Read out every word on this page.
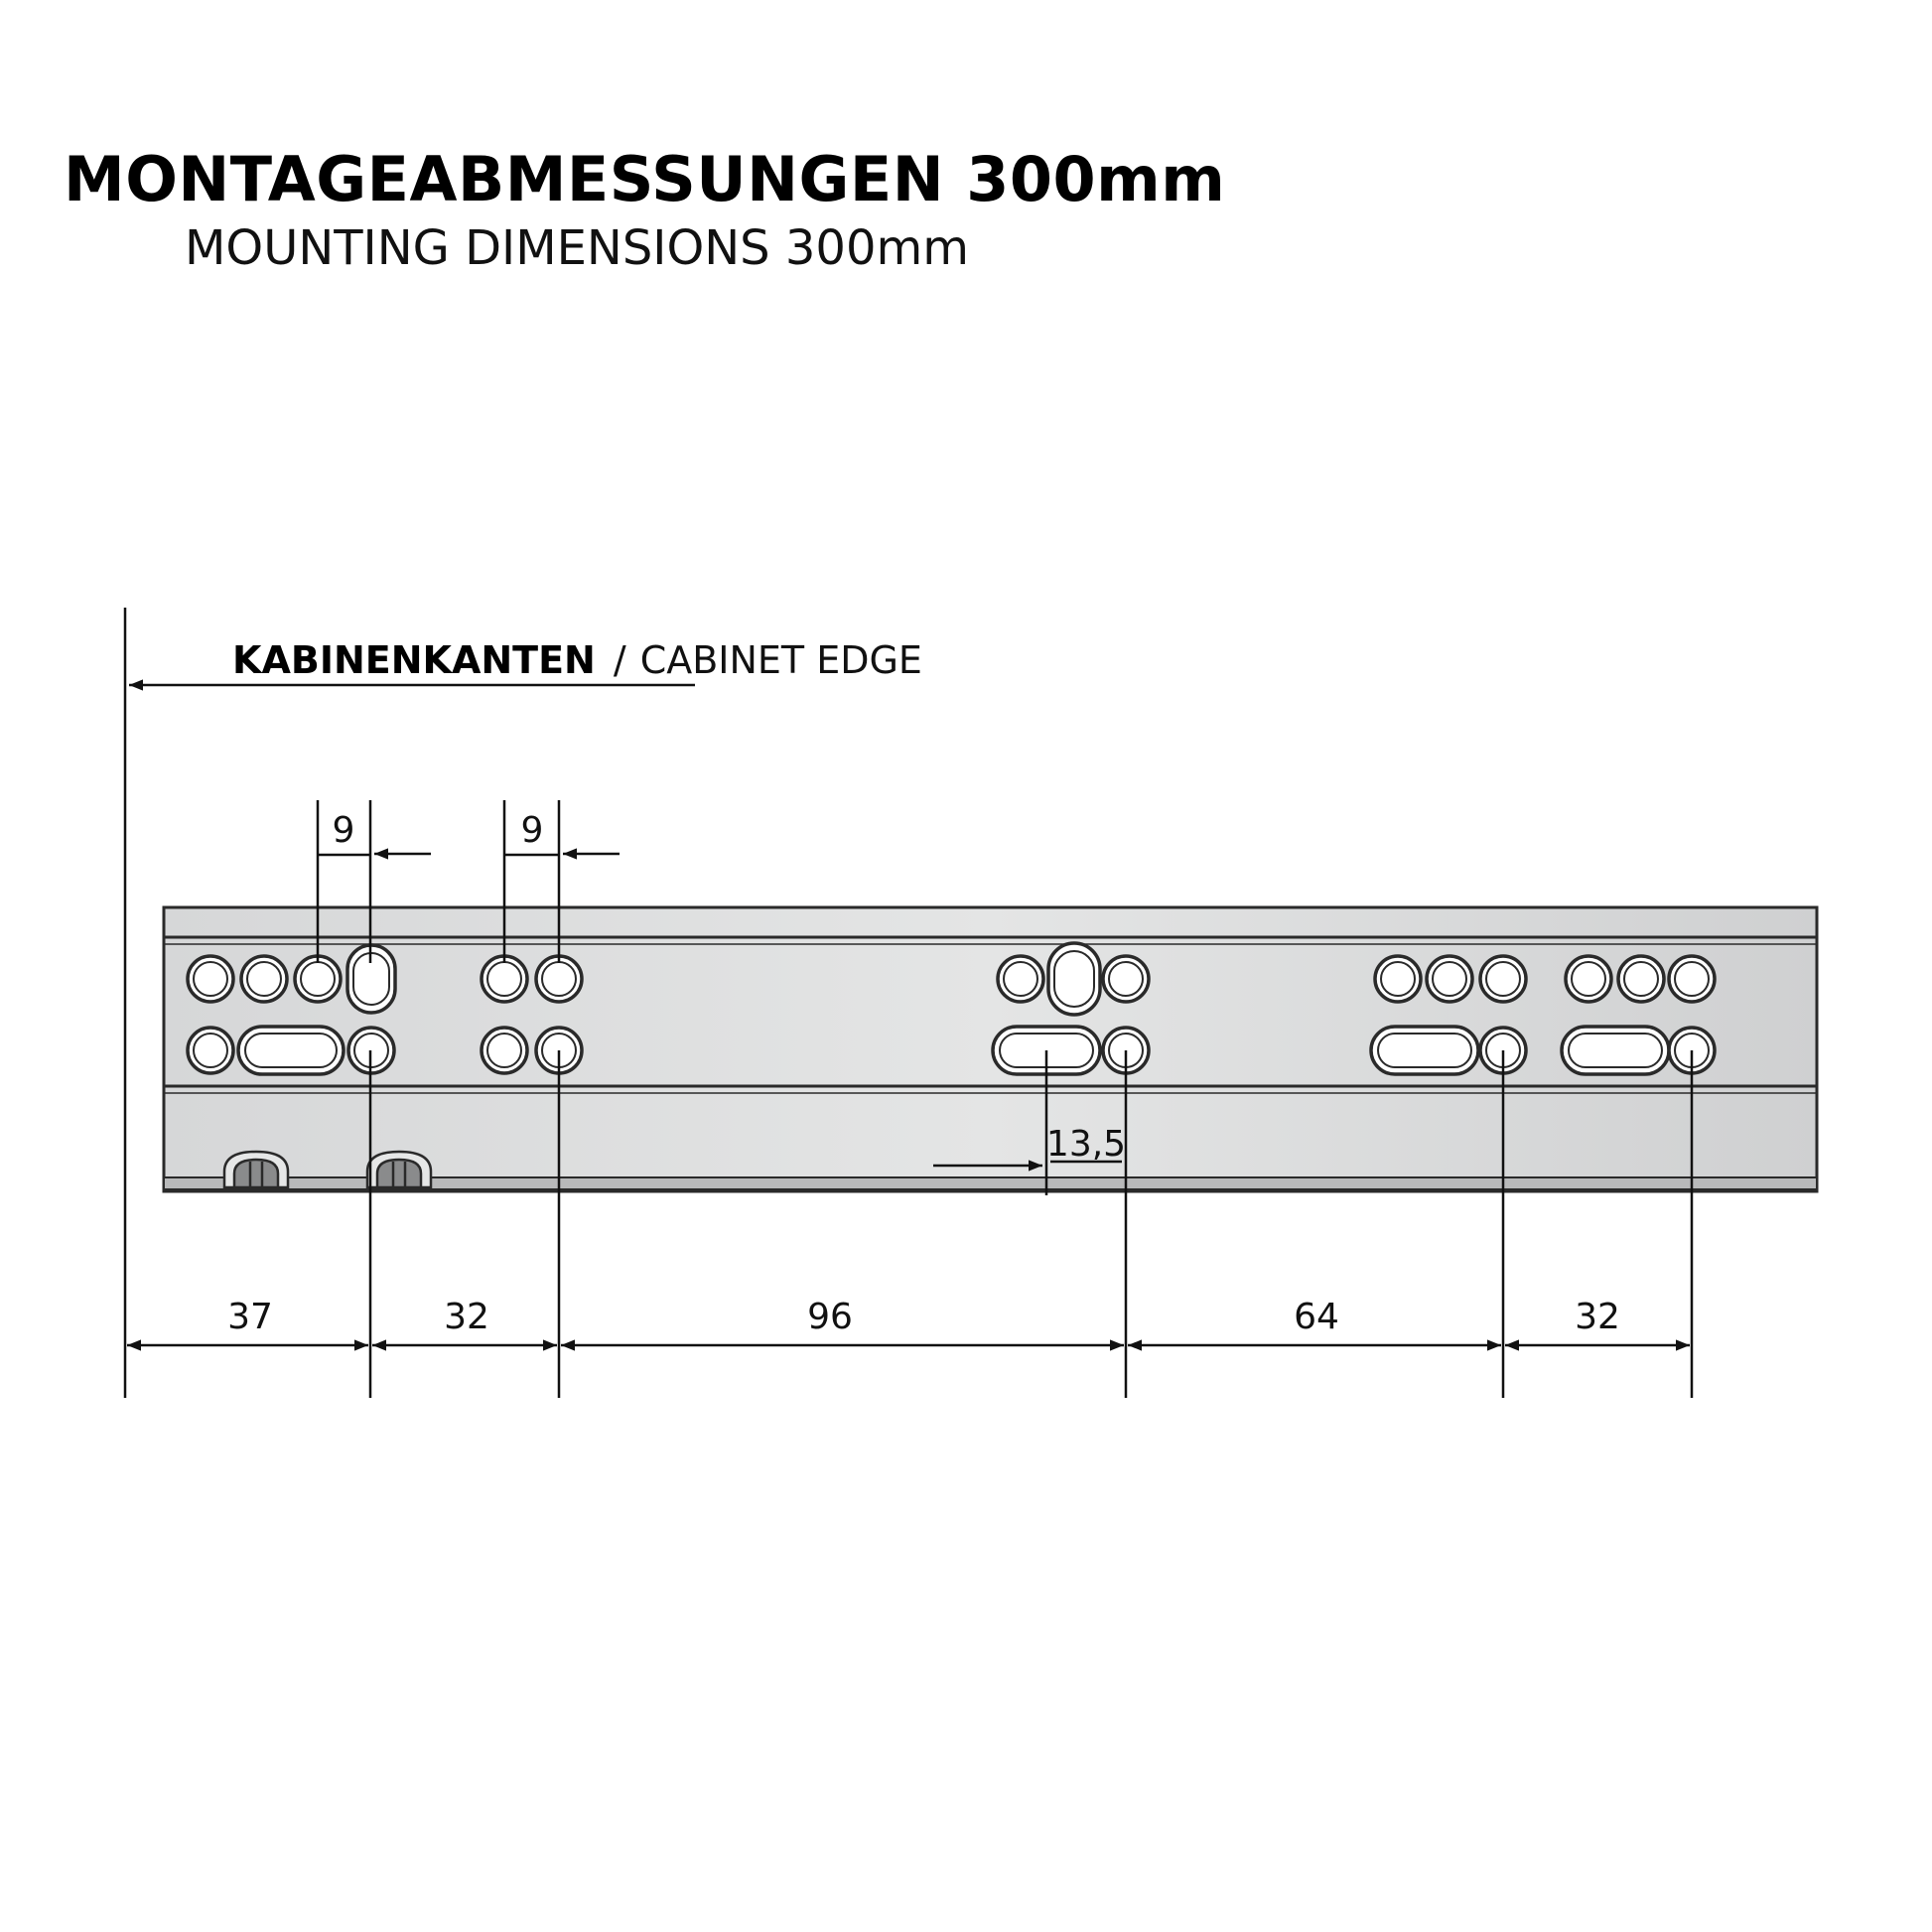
MONTAGEABMESSUNGEN 300mm
MOUNTING DIMENSIONS 300mm
KABINENKANTEN / CABINET EDGE
9	9
13,5
37	32	96	64	32
